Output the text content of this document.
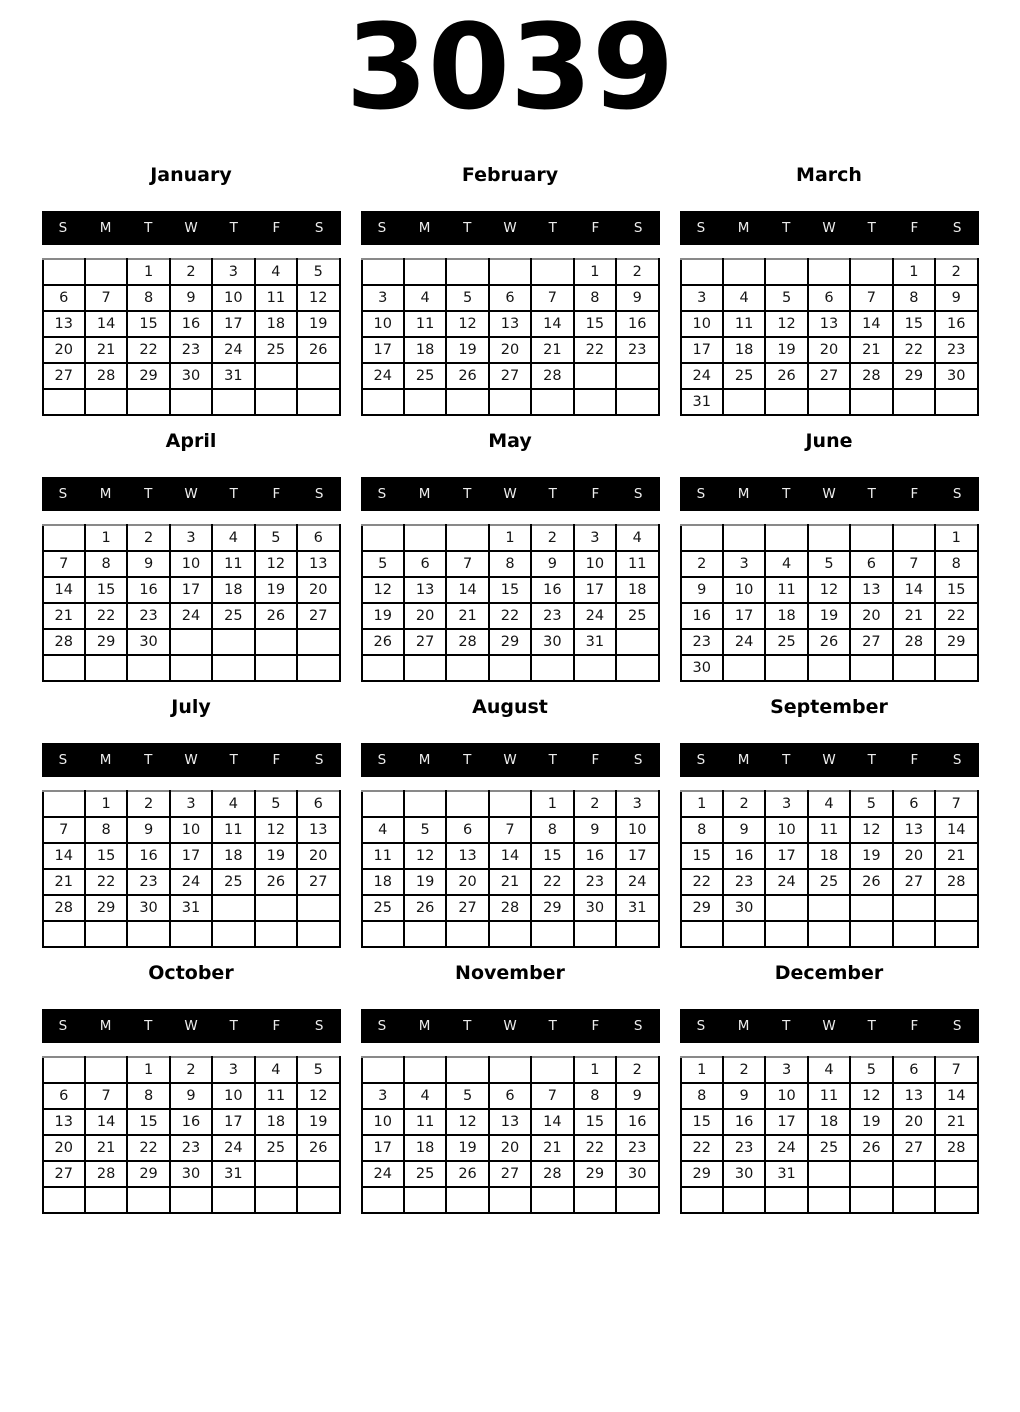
3039
January
S	M	T	W	T	F	S
		1	2	3	4	5
6	7	8	9	10	11	12
13	14	15	16	17	18	19
20	21	22	23	24	25	26
27	28	29	30	31		

February
S	M	T	W	T	F	S
					1	2
3	4	5	6	7	8	9
10	11	12	13	14	15	16
17	18	19	20	21	22	23
24	25	26	27	28		

March
S	M	T	W	T	F	S
					1	2
3	4	5	6	7	8	9
10	11	12	13	14	15	16
17	18	19	20	21	22	23
24	25	26	27	28	29	30
31						
April
S	M	T	W	T	F	S
	1	2	3	4	5	6
7	8	9	10	11	12	13
14	15	16	17	18	19	20
21	22	23	24	25	26	27
28	29	30				

May
S	M	T	W	T	F	S
			1	2	3	4
5	6	7	8	9	10	11
12	13	14	15	16	17	18
19	20	21	22	23	24	25
26	27	28	29	30	31	

June
S	M	T	W	T	F	S
						1
2	3	4	5	6	7	8
9	10	11	12	13	14	15
16	17	18	19	20	21	22
23	24	25	26	27	28	29
30						
July
S	M	T	W	T	F	S
	1	2	3	4	5	6
7	8	9	10	11	12	13
14	15	16	17	18	19	20
21	22	23	24	25	26	27
28	29	30	31			

August
S	M	T	W	T	F	S
				1	2	3
4	5	6	7	8	9	10
11	12	13	14	15	16	17
18	19	20	21	22	23	24
25	26	27	28	29	30	31

September
S	M	T	W	T	F	S
1	2	3	4	5	6	7
8	9	10	11	12	13	14
15	16	17	18	19	20	21
22	23	24	25	26	27	28
29	30					

October
S	M	T	W	T	F	S
		1	2	3	4	5
6	7	8	9	10	11	12
13	14	15	16	17	18	19
20	21	22	23	24	25	26
27	28	29	30	31		

November
S	M	T	W	T	F	S
					1	2
3	4	5	6	7	8	9
10	11	12	13	14	15	16
17	18	19	20	21	22	23
24	25	26	27	28	29	30

December
S	M	T	W	T	F	S
1	2	3	4	5	6	7
8	9	10	11	12	13	14
15	16	17	18	19	20	21
22	23	24	25	26	27	28
29	30	31				
